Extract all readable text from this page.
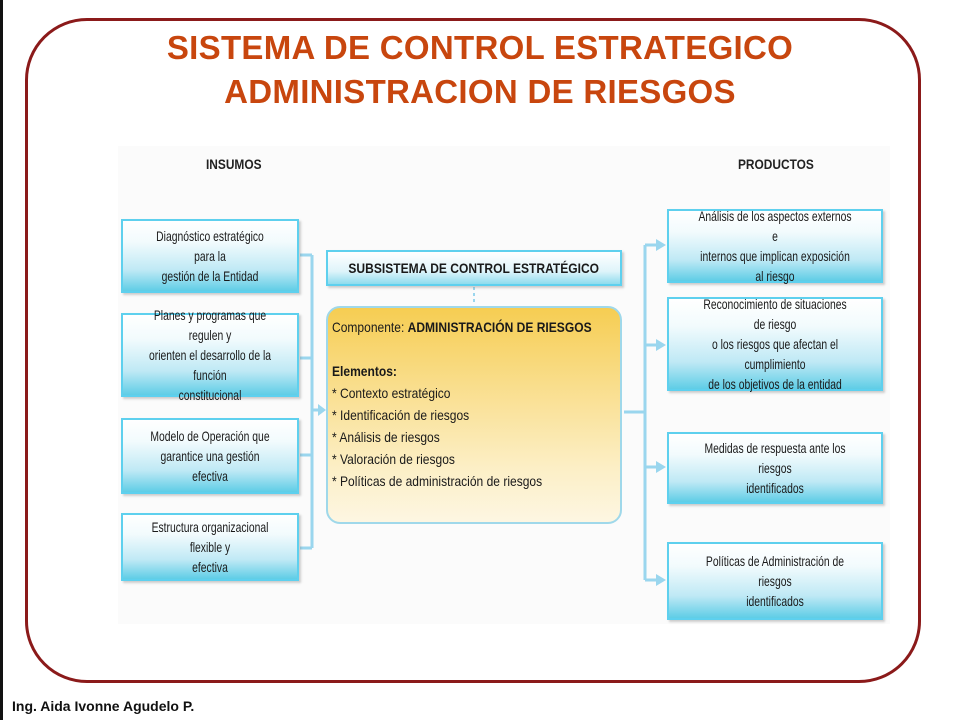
SISTEMA DE CONTROL ESTRATEGICO
ADMINISTRACION DE RIESGOS
INSUMOS	PRODUCTOS
Diagnóstico estratégico para la
gestión de la Entidad
Planes y programas que regulen y
orienten el desarrollo de la función
constitucional
Modelo de Operación que
garantice una gestión efectiva
Estructura organizacional flexible y
efectiva
SUBSISTEMA DE CONTROL ESTRATÉGICO
Componente: ADMINISTRACIÓN DE RIESGOS
Elementos:
* Contexto estratégico
* Identificación de riesgos
* Análisis de riesgos
* Valoración de riesgos
* Políticas de administración de riesgos
Análisis de los aspectos externos e
internos que implican exposición al riesgo
Reconocimiento de situaciones de riesgo
o los riesgos que afectan el cumplimiento
de los objetivos de la entidad
Medidas de respuesta ante los riesgos
identificados
Políticas de Administración de riesgos
identificados
Ing. Aida Ivonne Agudelo P.
